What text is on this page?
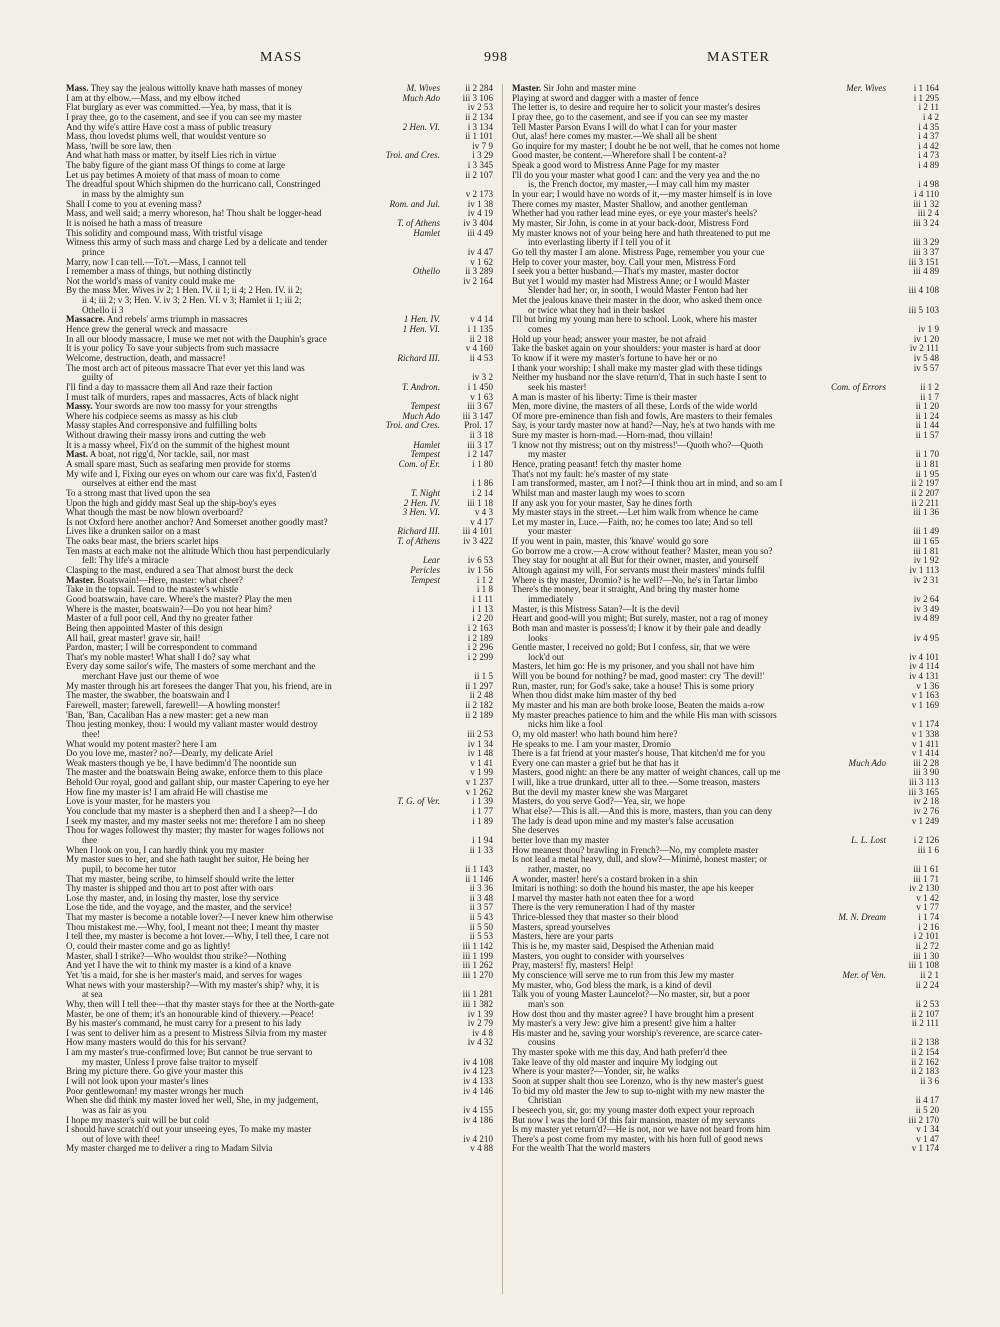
MASS	998	MASTER
Mass. They say the jealous wittolly knave hath masses of money	M. Wives	ii 2 284
I am at thy elbow.—Mass, and my elbow itched	Much Ado	iii 3 106
Flat burglary as ever was committed.—Yea, by mass, that it is	iv 2 53
I pray thee, go to the casement, and see if you can see my master	ii 2 134
And thy wife's attire Have cost a mass of public treasury	2 Hen. VI.	i 3 134
Mass, thou lovedst plums well, that wouldst venture so	ii 1 101
Mass, 'twill be sore law, then	iv 7 9
And what hath mass or matter, by itself Lies rich in virtue	Troi. and Cres.	i 3 29
The baby figure of the giant mass Of things to come at large	i 3 345
Let us pay betimes A moiety of that mass of moan to come	ii 2 107
The dreadful spout Which shipmen do the hurricano call, Constringed
in mass by the almighty sun	v 2 173
Shall I come to you at evening mass?	Rom. and Jul.	iv 1 38
Mass, and well said; a merry whoreson, ha! Thou shalt be logger-head	iv 4 19
It is noised he hath a mass of treasure	T. of Athens	iv 3 404
This solidity and compound mass, With tristful visage	Hamlet	iii 4 49
Witness this army of such mass and charge Led by a delicate and tender
prince	iv 4 47
Marry, now I can tell.—To't.—Mass, I cannot tell	v 1 62
I remember a mass of things, but nothing distinctly	Othello	ii 3 289
Not the world's mass of vanity could make me	iv 2 164
By the mass Mer. Wives iv 2; 1 Hen. IV. ii 1; ii 4; 2 Hen. IV. ii 2;
ii 4; iii 2; v 3; Hen. V. iv 3; 2 Hen. VI. v 3; Hamlet ii 1; iii 2;
Othello ii 3
Massacre. And rebels' arms triumph in massacres	1 Hen. IV.	v 4 14
Hence grew the general wreck and massacre	1 Hen. VI.	i 1 135
In all our bloody massacre, I muse we met not with the Dauphin's grace	ii 2 18
It is your policy To save your subjects from such massacre	v 4 160
Welcome, destruction, death, and massacre!	Richard III.	ii 4 53
The most arch act of piteous massacre That ever yet this land was
guilty of	iv 3 2
I'll find a day to massacre them all And raze their faction	T. Andron.	i 1 450
I must talk of murders, rapes and massacres, Acts of black night	v 1 63
Massy. Your swords are now too massy for your strengths	Tempest	iii 3 67
Where his codpiece seems as massy as his club	Much Ado	iii 3 147
Massy staples And corresponsive and fulfilling bolts	Troi. and Cres.	Prol. 17
Without drawing their massy irons and cutting the web	ii 3 18
It is a massy wheel, Fix'd on the summit of the highest mount	Hamlet	iii 3 17
Mast. A boat, not rigg'd, Nor tackle, sail, nor mast	Tempest	i 2 147
A small spare mast, Such as seafaring men provide for storms	Com. of Er.	i 1 80
My wife and I, Fixing our eyes on whom our care was fix'd, Fasten'd
ourselves at either end the mast	i 1 86
To a strong mast that lived upon the sea	T. Night	i 2 14
Upon the high and giddy mast Seal up the ship-boy's eyes	2 Hen. IV.	iii 1 18
What though the mast be now blown overboard?	3 Hen. VI.	v 4 3
Is not Oxford here another anchor? And Somerset another goodly mast?	v 4 17
Lives like a drunken sailor on a mast	Richard III.	iii 4 101
The oaks bear mast, the briers scarlet hips	T. of Athens	iv 3 422
Ten masts at each make not the altitude Which thou hast perpendicularly
fell: Thy life's a miracle	Lear	iv 6 53
Clasping to the mast, endured a sea That almost burst the deck	Pericles	iv 1 56
Master. Boatswain!—Here, master: what cheer?	Tempest	i 1 2
Take in the topsail. Tend to the master's whistle	i 1 8
Good boatswain, have care. Where's the master? Play the men	i 1 11
Where is the master, boatswain?—Do you not hear him?	i 1 13
Master of a full poor cell, And thy no greater father	i 2 20
Being then appointed Master of this design	i 2 163
All hail, great master! grave sir, hail!	i 2 189
Pardon, master; I will be correspondent to command	i 2 296
That's my noble master! What shall I do? say what	i 2 299
Every day some sailor's wife, The masters of some merchant and the
merchant Have just our theme of woe	ii 1 5
My master through his art foresees the danger That you, his friend, are in	ii 1 297
The master, the swabber, the boatswain and I	ii 2 48
Farewell, master; farewell, farewell!—A howling monster!	ii 2 182
'Ban, 'Ban, Cacaliban Has a new master: get a new man	ii 2 189
Thou jesting monkey, thou: I would my valiant master would destroy
thee!	iii 2 53
What would my potent master? here I am	iv 1 34
Do you love me, master? no?—Dearly, my delicate Ariel	iv 1 48
Weak masters though ye be, I have bedimm'd The noontide sun	v 1 41
The master and the boatswain Being awake, enforce them to this place	v 1 99
Behold Our royal, good and gallant ship, our master Capering to eye her	v 1 237
How fine my master is! I am afraid He will chastise me	v 1 262
Love is your master, for he masters you	T. G. of Ver.	i 1 39
You conclude that my master is a shepherd then and I a sheep?—I do	i 1 77
I seek my master, and my master seeks not me: therefore I am no sheep	i 1 89
Thou for wages followest thy master; thy master for wages follows not
thee	i 1 94
When I look on you, I can hardly think you my master	ii 1 33
My master sues to her, and she hath taught her suitor, He being her
pupil, to become her tutor	ii 1 143
That my master, being scribe, to himself should write the letter	ii 1 146
Thy master is shipped and thou art to post after with oars	ii 3 36
Lose thy master, and, in losing thy master, lose thy service	ii 3 48
Lose the tide, and the voyage, and the master, and the service!	ii 3 57
That my master is become a notable lover?—I never knew him otherwise	ii 5 43
Thou mistakest me.—Why, fool, I meant not thee; I meant thy master	ii 5 50
I tell thee, my master is become a hot lover.—Why, I tell thee, I care not	ii 5 53
O, could their master come and go as lightly!	iii 1 142
Master, shall I strike?—Who wouldst thou strike?—Nothing	iii 1 199
And yet I have the wit to think my master is a kind of a knave	iii 1 262
Yet 'tis a maid, for she is her master's maid, and serves for wages	iii 1 270
What news with your mastership?—With my master's ship? why, it is
at sea	iii 1 281
Why, then will I tell thee—that thy master stays for thee at the North-gate	iii 1 382
Master, be one of them; it's an honourable kind of thievery.—Peace!	iv 1 39
By his master's command, he must carry for a present to his lady	iv 2 79
I was sent to deliver him as a present to Mistress Silvia from my master	iv 4 8
How many masters would do this for his servant?	iv 4 32
I am my master's true-confirmed love; But cannot be true servant to
my master, Unless I prove false traitor to myself	iv 4 108
Bring my picture there. Go give your master this	iv 4 123
I will not look upon your master's lines	iv 4 133
Poor gentlewoman! my master wrongs her much	iv 4 146
When she did think my master loved her well, She, in my judgement,
was as fair as you	iv 4 155
I hope my master's suit will be but cold	iv 4 186
I should have scratch'd out your unseeing eyes, To make my master
out of love with thee!	iv 4 210
My master charged me to deliver a ring to Madam Silvia	v 4 88
Master. Sir John and master mine	Mer. Wives	i 1 164
Playing at sword and dagger with a master of fence	i 1 295
The letter is, to desire and require her to solicit your master's desires	i 2 11
I pray thee, go to the casement, and see if you can see my master	i 4 2
Tell Master Parson Evans I will do what I can for your master	i 4 35
Out, alas! here comes my master.—We shall all be shent	i 4 37
Go inquire for my master; I doubt he be not well, that he comes not home	i 4 42
Good master, be content.—Wherefore shall I be content-a?	i 4 73
Speak a good word to Mistress Anne Page for my master	i 4 89
I'll do you your master what good I can: and the very yea and the no
is, the French doctor, my master,—I may call him my master	i 4 98
In your ear; I would have no words of it,—my master himself is in love	i 4 110
There comes my master, Master Shallow, and another gentleman	iii 1 32
Whether had you rather lead mine eyes, or eye your master's heels?	iii 2 4
My master, Sir John, is come in at your back-door, Mistress Ford	iii 3 24
My master knows not of your being here and hath threatened to put me
into everlasting liberty if I tell you of it	iii 3 29
Go tell thy master I am alone. Mistress Page, remember you your cue	iii 3 37
Help to cover your master, boy. Call your men, Mistress Ford	iii 3 151
I seek you a better husband.—That's my master, master doctor	iii 4 89
But yet I would my master had Mistress Anne; or I would Master
Slender had her; or, in sooth, I would Master Fenton had her	iii 4 108
Met the jealous knave their master in the door, who asked them once
or twice what they had in their basket	iii 5 103
I'll but bring my young man here to school. Look, where his master
comes	iv 1 9
Hold up your head; answer your master, be not afraid	iv 1 20
Take the basket again on your shoulders: your master is hard at door	iv 2 111
To know if it were my master's fortune to have her or no	iv 5 48
I thank your worship: I shall make my master glad with these tidings	iv 5 57
Neither my husband nor the slave return'd, That in such haste I sent to
seek his master!	Com. of Errors	ii 1 2
A man is master of his liberty: Time is their master	ii 1 7
Men, more divine, the masters of all these, Lords of the wide world	ii 1 20
Of more pre-eminence than fish and fowls, Are masters to their females	ii 1 24
Say, is your tardy master now at hand?—Nay, he's at two hands with me	ii 1 44
Sure my master is horn-mad.—Horn-mad, thou villain!	ii 1 57
'I know not thy mistress; out on thy mistress!'—Quoth who?—Quoth
my master	ii 1 70
Hence, prating peasant! fetch thy master home	ii 1 81
That's not my fault: he's master of my state	ii 1 95
I am transformed, master, am I not?—I think thou art in mind, and so am I	ii 2 197
Whilst man and master laugh my woes to scorn	ii 2 207
If any ask you for your master, Say he dines forth	ii 2 211
My master stays in the street.—Let him walk from whence he came	iii 1 36
Let my master in, Luce.—Faith, no; he comes too late; And so tell
your master	iii 1 49
If you went in pain, master, this 'knave' would go sore	iii 1 65
Go borrow me a crow.—A crow without feather? Master, mean you so?	iii 1 81
They stay for nought at all But for their owner, master, and yourself	iv 1 92
Altough against my will, For servants must their masters' minds fulfil	iv 1 113
Where is thy master, Dromio? is he well?—No, he's in Tartar limbo	iv 2 31
There's the money, bear it straight, And bring thy master home
immediately	iv 2 64
Master, is this Mistress Satan?—It is the devil	iv 3 49
Heart and good-will you might; But surely, master, not a rag of money	iv 4 89
Both man and master is possess'd; I know it by their pale and deadly
looks	iv 4 95
Gentle master, I received no gold; But I confess, sir, that we were
lock'd out	iv 4 101
Masters, let him go: He is my prisoner, and you shall not have him	iv 4 114
Will you be bound for nothing? be mad, good master: cry 'The devil!'	iv 4 131
Run, master, run; for God's sake, take a house! This is some priory	v 1 36
When thou didst make him master of thy bed	v 1 163
My master and his man are both broke loose, Beaten the maids a-row	v 1 169
My master preaches patience to him and the while His man with scissors
nicks him like a fool	v 1 174
O, my old master! who hath bound him here?	v 1 338
He speaks to me. I am your master, Dromio	v 1 411
There is a fat friend at your master's house, That kitchen'd me for you	v 1 414
Every one can master a grief but he that has it	Much Ado	iii 2 28
Masters, good night: an there be any matter of weight chances, call up me	iii 3 90
I will, like a true drunkard, utter all to thee.—Some treason, masters	iii 3 113
But the devil my master knew she was Margaret	iii 3 165
Masters, do you serve God?—Yea, sir, we hope	iv 2 18
What else?—This is all.—And this is more, masters, than you can deny	iv 2 76
The lady is dead upon mine and my master's false accusation	v 1 249
She deserves
better love than my master	L. L. Lost	i 2 126
How meanest thou? brawling in French?—No, my complete master	iii 1 6
Is not lead a metal heavy, dull, and slow?—Minimè, honest master; or
rather, master, no	iii 1 61
A wonder, master! here's a costard broken in a shin	iii 1 71
Imitari is nothing: so doth the hound his master, the ape his keeper	iv 2 130
I marvel thy master hath not eaten thee for a word	v 1 42
There is the very remuneration I had of thy master	v 1 77
Thrice-blessed they that master so their blood	M. N. Dream	i 1 74
Masters, spread yourselves	i 2 16
Masters, here are your parts	i 2 101
This is he, my master said, Despised the Athenian maid	ii 2 72
Masters, you ought to consider with yourselves	iii 1 30
Pray, masters! fly, masters! Help!	iii 1 108
My conscience will serve me to run from this Jew my master	Mer. of Ven.	ii 2 1
My master, who, God bless the mark, is a kind of devil	ii 2 24
Talk you of young Master Launcelot?—No master, sir, but a poor
man's son	ii 2 53
How dost thou and thy master agree? I have brought him a present	ii 2 107
My master's a very Jew: give him a present! give him a halter	ii 2 111
His master and he, saving your worship's reverence, are scarce cater-
cousins	ii 2 138
Thy master spoke with me this day, And hath preferr'd thee	ii 2 154
Take leave of thy old master and inquire My lodging out	ii 2 162
Where is your master?—Yonder, sir, he walks	ii 2 183
Soon at supper shalt thou see Lorenzo, who is thy new master's guest	ii 3 6
To bid my old master the Jew to sup to-night with my new master the
Christian	ii 4 17
I beseech you, sir, go: my young master doth expect your reproach	ii 5 20
But now I was the lord Of this fair mansion, master of my servants	iii 2 170
Is my master yet return'd?—He is not, nor we have not heard from him	v 1 34
There's a post come from my master, with his horn full of good news	v 1 47
For the wealth That the world masters	v 1 174
